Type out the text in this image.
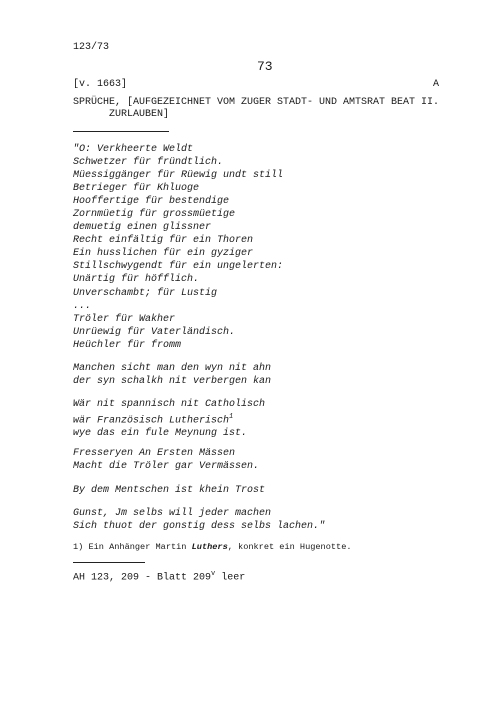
123/73
73
[v. 1663]	A
SPRÜCHE, [AUFGEZEICHNET VOM ZUGER STADT- UND AMTSRAT BEAT II.
ZURLAUBEN]
"O: Verkheerte Weldt
Schwetzer für fründtlich.
Müessiggänger für Rüewig undt still
Betrieger für Khluoge
Hooffertige für bestendige
Zornmüetig für grossmüetige
demuetig einen glissner
Recht einfältig für ein Thoren
Ein husslichen für ein gyziger
Stillschwygendt für ein ungelerten:
Unärtig für höfflich.
Unverschambt; für Lustig
...
Tröler für Wakher
Unrüewig für Vaterländisch.
Heüchler für fromm
Manchen sicht man den wyn nit ahn
der syn schalkh nit verbergen kan
Wär nit spannisch nit Catholisch
wär Französisch Lutherisch$^1$
wye das ein fule Meynung ist.
Fresseryen An Ersten Mässen
Macht die Tröler gar Vermässen.
By dem Mentschen ist khein Trost
Gunst, Jm selbs will jeder machen
Sich thuot der gonstig dess selbs lachen."
1) Ein Anhänger Martin Luthers, konkret ein Hugenotte.
AH 123, 209 - Blatt 209$^v$ leer
